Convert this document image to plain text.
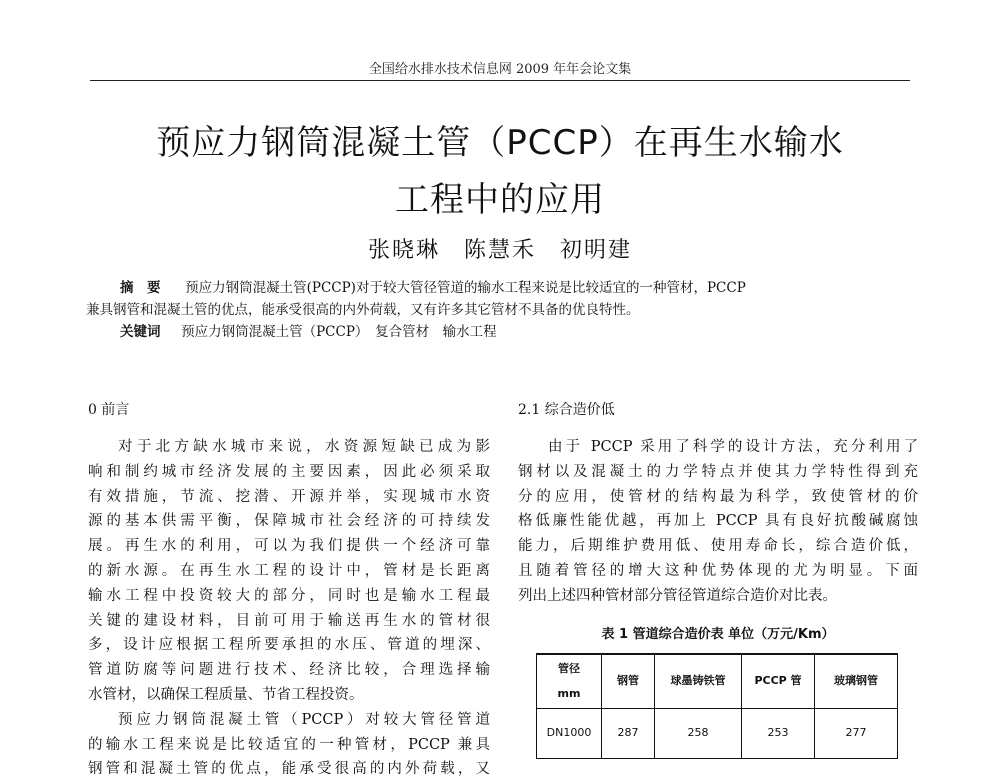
全国给水排水技术信息网 2009 年年会论文集
预应力钢筒混凝土管（PCCP）在再生水输水
工程中的应用
张晓琳　陈慧禾　初明建
摘　要 预应力钢筒混凝土管(PCCP)对于较大管径管道的输水工程来说是比较适宜的一种管材，PCCP
兼具钢管和混凝土管的优点，能承受很高的内外荷载，又有许多其它管材不具备的优良特性。
关键词 预应力钢筒混凝土管（PCCP）　复合管材　输水工程
0 前言
对于北方缺水城市来说，水资源短缺已成为影
响和制约城市经济发展的主要因素，因此必须采取
有效措施，节流、挖潜、开源并举，实现城市水资
源的基本供需平衡，保障城市社会经济的可持续发
展。再生水的利用，可以为我们提供一个经济可靠
的新水源。在再生水工程的设计中，管材是长距离
输水工程中投资较大的部分，同时也是输水工程最
关键的建设材料，目前可用于输送再生水的管材很
多，设计应根据工程所要承担的水压、管道的埋深、
管道防腐等问题进行技术、经济比较，合理选择输
水管材，以确保工程质量、节省工程投资。
预应力钢筒混凝土管（PCCP）对较大管径管道
的输水工程来说是比较适宜的一种管材，PCCP 兼具
钢管和混凝土管的优点，能承受很高的内外荷载，又
2.1 综合造价低
由于 PCCP 采用了科学的设计方法，充分利用了
钢材以及混凝土的力学特点并使其力学特性得到充
分的应用，使管材的结构最为科学，致使管材的价
格低廉性能优越，再加上 PCCP 具有良好抗酸碱腐蚀
能力，后期维护费用低、使用寿命长，综合造价低，
且随着管径的增大这种优势体现的尤为明显。下面
列出上述四种管材部分管径管道综合造价对比表。
表 1 管道综合造价表 单位（万元/Km）
管径
mm	钢管	球墨铸铁管	PCCP 管	玻璃钢管
DN1000	287	258	253	277
